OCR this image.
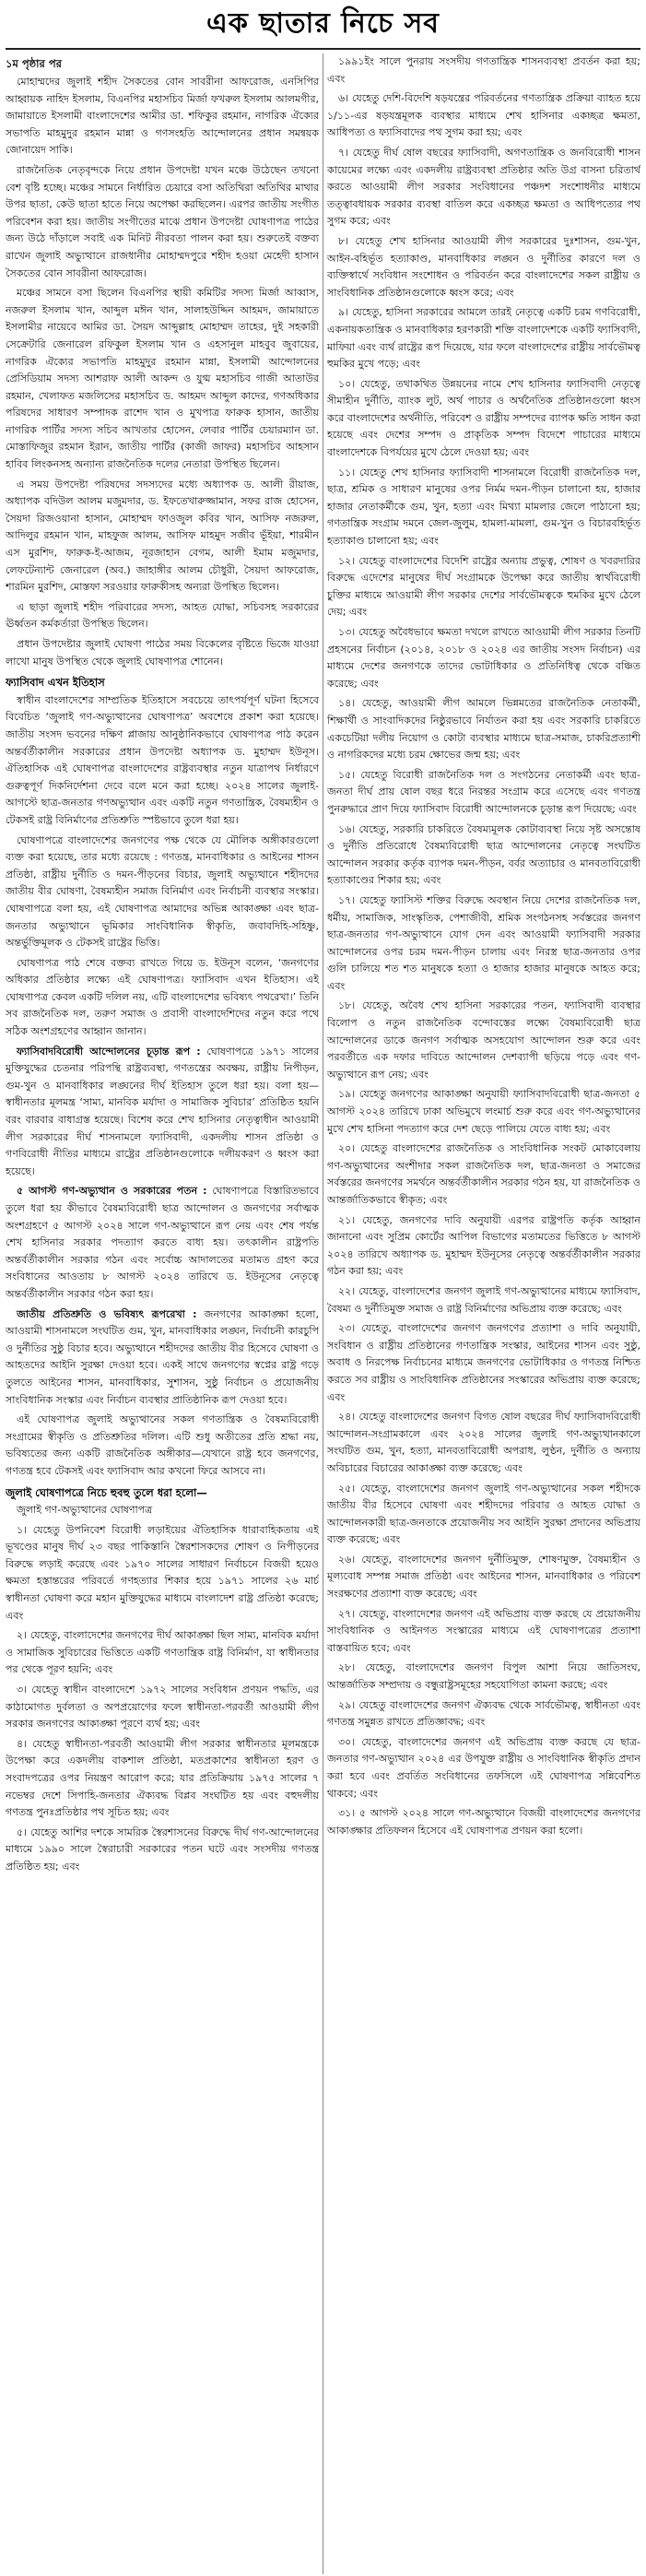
এক ছাতার নিচে সব
১ম পৃষ্ঠার পর

মোহাম্মদের জুলাই শহীদ সৈকতের বোন সাবরীনা আফরোজ, এনসিপির আহ্বায়ক নাহিদ ইসলাম, বিএনপির মহাসচিব মির্জা ফখরুল ইসলাম আলমগীর, জামায়াতে ইসলামী বাংলাদেশের আমীর ডা. শফিকুর রহমান, নাগরিক ঐক্যের সভাপতি মাহমুদুর রহমান মান্না ও গণসংহতি আন্দোলনের প্রধান সমন্বয়ক জোনায়েদ সাকি।

রাজনৈতিক নেতৃবৃন্দকে নিয়ে প্রধান উপদেষ্টা যখন মঞ্চে উঠেছেন তখনো বেশ বৃষ্টি হচ্ছে। মঞ্চের সামনে নির্ধারিত চেয়ারে বসা অতিথিরা অতিথির মাথার উপর ছাতা, কেউ ছাতা হাতে নিয়ে অপেক্ষা করছিলেন। এরপর জাতীয় সংগীত পরিবেশন করা হয়। জাতীয় সংগীতের মাঝে প্রধান উপদেষ্টা ঘোষণাপত্র পাঠের জন্য উঠে দাঁড়ালে সবাই এক মিনিট নীরবতা পালন করা হয়। শুরুতেই বক্তব্য রাখেন জুলাই অভ্যুত্থানে রাজধানীর মোহাম্মদপুরে শহীদ হওয়া মেহেদী হাসান সৈকতের বোন সাবরীনা আফরোজ।

মঞ্চের সামনে বসা ছিলেন বিএনপির স্থায়ী কমিটির সদস্য মির্জা আব্বাস, নজরুল ইসলাম খান, আব্দুল মঈন খান, সালাহউদ্দিন আহমদ, জামায়াতে ইসলামীর নায়েবে আমির ডা. সৈয়দ আব্দুল্লাহ মোহাম্মদ তাহের, দুই সহকারী সেক্রেটারি জেনারেল রফিকুল ইসলাম খান ও এহসানুল মাহবুব জুবায়ের, নাগরিক ঐক্যের সভাপতি মাহমুদুর রহমান মান্না, ইসলামী আন্দোলনের প্রেসিডিয়াম সদস্য আশরাফ আলী আকন্দ ও যুগ্ম মহাসচিব গাজী আতাউর রহমান, খেলাফত মজলিসের মহাসচিব ড. আহমদ আব্দুল কাদের, গণঅধিকার পরিষদের সাধারণ সম্পাদক রাশেদ খান ও মুখপাত্র ফারুক হাসান, জাতীয় নাগরিক পার্টির সদস্য সচিব আখতার হোসেন, লেবার পার্টির চেয়ারম্যান ডা. মোস্তাফিজুর রহমান ইরান, জাতীয় পার্টির (কাজী জাফর) মহাসচিব আহসান হাবিব লিংকনসহ অন্যান্য রাজনৈতিক দলের নেতারা উপস্থিত ছিলেন।

এ সময় উপদেষ্টা পরিষদের সদস্যদের মধ্যে অধ্যাপক ড. আলী রীয়াজ, অধ্যাপক বদিউল আলম মজুমদার, ড. ইফতেখারুজ্জামান, সফর রাজ হোসেন, সৈয়দা রিজওয়ানা হাসান, মোহাম্মদ ফাওজুল কবির খান, আসিফ নজরুল, আদিলুর রহমান খান, মাহফুজ আলম, আসিফ মাহমুদ সজীব ভূঁইয়া, শারমীন এস মুরশিদ, ফারুক-ই-আজম, নূরজাহান বেগম, আলী ইমাম মজুমদার, লেফটেন্যান্ট জেনারেল (অব.) জাহাঙ্গীর আলম চৌধুরী, সৈয়দা আফরোজ, শারমিন মুরশিদ, মোস্তফা সরওয়ার ফারুকীসহ অন্যরা উপস্থিত ছিলেন।

এ ছাড়া জুলাই শহীদ পরিবারের সদস্য, আহত যোদ্ধা, সচিবসহ সরকারের ঊর্ধ্বতন কর্মকর্তারা উপস্থিত ছিলেন।

প্রধান উপদেষ্টার জুলাই ঘোষণা পাঠের সময় বিকেলের বৃষ্টিতে ভিজে যাওয়া লাখো মানুষ উপস্থিত থেকে জুলাই ঘোষণাপত্র শোনেন।

ফ্যাসিবাদ এখন ইতিহাস

স্বাধীন বাংলাদেশের সাম্প্রতিক ইতিহাসে সবচেয়ে তাৎপর্যপূর্ণ ঘটনা হিসেবে বিবেচিত ‘জুলাই গণ-অভ্যুত্থানের ঘোষণাপত্র’ অবশেষে প্রকাশ করা হয়েছে। জাতীয় সংসদ ভবনের দক্ষিণ প্লাজায় আনুষ্ঠানিকভাবে ঘোষণাপত্র পাঠ করেন অন্তর্বর্তীকালীন সরকারের প্রধান উপদেষ্টা অধ্যাপক ড. মুহাম্মদ ইউনূস। ঐতিহাসিক এই ঘোষণাপত্র বাংলাদেশের রাষ্ট্রব্যবস্থার নতুন যাত্রাপথ নির্ধারণে গুরুত্বপূর্ণ দিকনির্দেশনা দেবে বলে মনে করা হচ্ছে। ২০২৪ সালের জুলাই-আগস্টে ছাত্র-জনতার গণঅভ্যুত্থান এবং একটি নতুন গণতান্ত্রিক, বৈষম্যহীন ও টেকসই রাষ্ট্র বিনির্মাণের প্রতিশ্রুতি স্পষ্টভাবে তুলে ধরা হয়।

ঘোষণাপত্রে বাংলাদেশের জনগণের পক্ষ থেকে যে মৌলিক অঙ্গীকারগুলো ব্যক্ত করা হয়েছে, তার মধ্যে রয়েছে : গণতন্ত্র, মানবাধিকার ও আইনের শাসন প্রতিষ্ঠা, রাষ্ট্রীয় দুর্নীতি ও দমন-পীড়নের বিচার, জুলাই অভ্যুত্থানে শহীদদের জাতীয় বীর ঘোষণা, বৈষম্যহীন সমাজ বিনির্মাণ এবং নির্বাচনী ব্যবস্থার সংস্কার। ঘোষণাপত্রে বলা হয়, এই ঘোষণাপত্র আমাদের অভিন্ন আকাঙ্ক্ষা এবং ছাত্র-জনতার অভ্যুত্থানে ভূমিকার সাংবিধানিক স্বীকৃতি, জবাবদিহি-সহিষ্ণু, অন্তর্ভুক্তিমূলক ও টেকসই রাষ্ট্রের ভিত্তি।

ঘোষণাপত্র পাঠ শেষে বক্তব্য রাখতে গিয়ে ড. ইউনূস বলেন, ‘জনগণের অধিকার প্রতিষ্ঠার লক্ষ্যে এই ঘোষণাপত্র। ফ্যাসিবাদ এখন ইতিহাস। এই ঘোষণাপত্র কেবল একটি দলিল নয়, এটি বাংলাদেশের ভবিষ্যৎ পথরেখা।’ তিনি সব রাজনৈতিক দল, তরুণ সমাজ ও প্রবাসী বাংলাদেশিদের নতুন করে পথে সঠিক অংশগ্রহণের আহ্বান জানান।

ফ্যাসিবাদবিরোধী আন্দোলনের চূড়ান্ত রূপ : ঘোষণাপত্রে ১৯৭১ সালের মুক্তিযুদ্ধের চেতনার পরিপন্থি রাষ্ট্রব্যবস্থা, গণতন্ত্রের অবক্ষয়, রাষ্ট্রীয় নিপীড়ন, গুম-খুন ও মানবাধিকার লঙ্ঘনের দীর্ঘ ইতিহাস তুলে ধরা হয়। বলা হয়—স্বাধীনতার মূলমন্ত্র ‘সাম্য, মানবিক মর্যাদা ও সামাজিক সুবিচার’ প্রতিষ্ঠিত হয়নি বরং বারবার বাধাগ্রস্ত হয়েছে। বিশেষ করে শেখ হাসিনার নেতৃত্বাধীন আওয়ামী লীগ সরকারের দীর্ঘ শাসনামলে ফ্যাসিবাদী, একদলীয় শাসন প্রতিষ্ঠা ও গণবিরোধী নীতির মাধ্যমে রাষ্ট্রের প্রতিষ্ঠানগুলোকে দলীয়করণ ও ধ্বংস করা হয়েছে।

৫ আগস্ট গণ-অভ্যুত্থান ও সরকারের পতন : ঘোষণাপত্রে বিস্তারিতভাবে তুলে ধরা হয় কীভাবে বৈষম্যবিরোধী ছাত্র আন্দোলন ও জনগণের সর্বাত্মক অংশগ্রহণে ৫ আগস্ট ২০২৪ সালে গণ-অভ্যুত্থানে রূপ নেয় এবং শেষ পর্যন্ত শেখ হাসিনার সরকার পদত্যাগ করতে বাধ্য হয়। তৎকালীন রাষ্ট্রপতি অন্তর্বর্তীকালীন সরকার গঠন এবং সর্বোচ্চ আদালতের মতামত গ্রহণ করে সংবিধানের আওতায় ৮ আগস্ট ২০২৪ তারিখে ড. ইউনূসের নেতৃত্বে অন্তর্বর্তীকালীন সরকার গঠন করা হয়।

জাতীয় প্রতিশ্রুতি ও ভবিষ্যৎ রূপরেখা : জনগণের আকাঙ্ক্ষা হলো, আওয়ামী শাসনামলে সংঘটিত গুম, খুন, মানবাধিকার লঙ্ঘন, নির্বাচনী কারচুপি ও দুর্নীতির সুষ্ঠু বিচার হবে। অভ্যুত্থানে শহীদদের জাতীয় বীর হিসেবে ঘোষণা ও আহতদের আইনি সুরক্ষা দেওয়া হবে। একই সাথে জনগণের স্বপ্নের রাষ্ট্র গড়ে তুলতে আইনের শাসন, মানবাধিকার, সুশাসন, সুষ্ঠু নির্বাচন ও প্রয়োজনীয় সাংবিধানিক সংস্কার এবং নির্বাচন ব্যবস্থার প্রাতিষ্ঠানিক রূপ দেওয়া হবে।

এই ঘোষণাপত্র জুলাই অভ্যুত্থানের সকল গণতান্ত্রিক ও বৈষম্যবিরোধী সংগ্রামের স্বীকৃতি ও প্রতিশ্রুতির দলিল। এটি শুধু অতীতের প্রতি শ্রদ্ধা নয়, ভবিষ্যতের জন্য একটি রাজনৈতিক অঙ্গীকার—যেখানে রাষ্ট্র হবে জনগণের, গণতন্ত্র হবে টেকসই এবং ফ্যাসিবাদ আর কখনো ফিরে আসবে না।

জুলাই ঘোষণাপত্রে নিচে হুবহু তুলে ধরা হলো—

জুলাই গণ-অভ্যুত্থানের ঘোষণাপত্র

১। যেহেতু উপনিবেশ বিরোধী লড়াইয়ের ঐতিহাসিক ধারাবাহিকতায় এই ভূখণ্ডের মানুষ দীর্ঘ ২৩ বছর পাকিস্তানি স্বৈরশাসকদের শোষণ ও নিপীড়নের বিরুদ্ধে লড়াই করেছে এবং ১৯৭০ সালের সাধারণ নির্বাচনে বিজয়ী হয়েও ক্ষমতা হস্তান্তরের পরিবর্তে গণহত্যার শিকার হয়ে ১৯৭১ সালের ২৬ মার্চ স্বাধীনতা ঘোষণা করে মহান মুক্তিযুদ্ধের মাধ্যমে বাংলাদেশ রাষ্ট্র প্রতিষ্ঠা করেছে; এবং

২। যেহেতু, বাংলাদেশের জনগণের দীর্ঘ আকাঙ্ক্ষা ছিল সাম্য, মানবিক মর্যাদা ও সামাজিক সুবিচারের ভিত্তিতে একটি গণতান্ত্রিক রাষ্ট্র বিনির্মাণ, যা স্বাধীনতার পর থেকে পূরণ হয়নি; এবং

৩। যেহেতু স্বাধীন বাংলাদেশে ১৯৭২ সালের সংবিধান প্রণয়ন পদ্ধতি, এর কাঠামোগত দুর্বলতা ও অপপ্রয়োগের ফলে স্বাধীনতা-পরবর্তী আওয়ামী লীগ সরকার জনগণের আকাঙ্ক্ষা পূরণে ব্যর্থ হয়; এবং

৪। যেহেতু স্বাধীনতা-পরবর্তী আওয়ামী লীগ সরকার স্বাধীনতার মূলমন্ত্রকে উপেক্ষা করে একদলীয় বাকশাল প্রতিষ্ঠা, মতপ্রকাশের স্বাধীনতা হরণ ও সংবাদপত্রের ওপর নিয়ন্ত্রণ আরোপ করে; যার প্রতিক্রিয়ায় ১৯৭৫ সালের ৭ নভেম্বর দেশে সিপাহি-জনতার ঐক্যবদ্ধ বিপ্লব সংঘটিত হয় এবং বহুদলীয় গণতন্ত্র পুনঃপ্রতিষ্ঠার পথ সূচিত হয়; এবং

৫। যেহেতু আশির দশকে সামরিক স্বৈরশাসনের বিরুদ্ধে দীর্ঘ গণ-আন্দোলনের মাধ্যমে ১৯৯০ সালে স্বৈরাচারী সরকারের পতন ঘটে এবং সংসদীয় গণতন্ত্র প্রতিষ্ঠিত হয়; এবং

১৯৯১ইং সালে পুনরায় সংসদীয় গণতান্ত্রিক শাসনব্যবস্থা প্রবর্তন করা হয়; এবং

৬। যেহেতু দেশি-বিদেশি ষড়যন্ত্রের পরিবর্তনের গণতান্ত্রিক প্রক্রিয়া ব্যাহত হয়ে ১/১১-এর ষড়যন্ত্রমূলক ব্যবস্থার মাধ্যমে শেখ হাসিনার একচ্ছত্র ক্ষমতা, আধিপত্য ও ফ্যাসিবাদের পথ সুগম করা হয়; এবং

৭। যেহেতু দীর্ঘ ষোল বছরের ফ্যাসিবাদী, অগণতান্ত্রিক ও জনবিরোধী শাসন কায়েমের লক্ষ্যে এবং একদলীয় রাষ্ট্রব্যবস্থা প্রতিষ্ঠার অতি উগ্র বাসনা চরিতার্থ করতে আওয়ামী লীগ সরকার সংবিধানের পঞ্চদশ সংশোধনীর মাধ্যমে তত্ত্বাবধায়ক সরকার ব্যবস্থা বাতিল করে একচ্ছত্র ক্ষমতা ও আধিপত্যের পথ সুগম করে; এবং

৮। যেহেতু শেখ হাসিনার আওয়ামী লীগ সরকারের দুঃশাসন, গুম-খুন, আইন-বহির্ভূত হত্যাকাণ্ড, মানবাধিকার লঙ্ঘন ও দুর্নীতির কারণে দল ও ব্যক্তিস্বার্থে সংবিধান সংশোধন ও পরিবর্তন করে বাংলাদেশের সকল রাষ্ট্রীয় ও সাংবিধানিক প্রতিষ্ঠানগুলোকে ধ্বংস করে; এবং

৯। যেহেতু, হাসিনা সরকারের আমলে তারই নেতৃত্বে একটি চরম গণবিরোধী, একনায়কতান্ত্রিক ও মানবাধিকার হরণকারী শক্তি বাংলাদেশকে একটি ফ্যাসিবাদী, মাফিয়া এবং ব্যর্থ রাষ্ট্রের রূপ দিয়েছে, যার ফলে বাংলাদেশের রাষ্ট্রীয় সার্বভৌমত্ব হুমকির মুখে পড়ে; এবং

১০। যেহেতু, তথাকথিত উন্নয়নের নামে শেখ হাসিনার ফ্যাসিবাদী নেতৃত্বে সীমাহীন দুর্নীতি, ব্যাংক লুট, অর্থ পাচার ও অর্থনৈতিক প্রতিষ্ঠানগুলো ধ্বংস করে বাংলাদেশের অর্থনীতি, পরিবেশ ও রাষ্ট্রীয় সম্পদের ব্যাপক ক্ষতি সাধন করা হয়েছে এবং দেশের সম্পদ ও প্রাকৃতিক সম্পদ বিদেশে পাচারের মাধ্যমে বাংলাদেশকে বিপর্যয়ের মুখে ঠেলে দেওয়া হয়; এবং

১১। যেহেতু শেখ হাসিনার ফ্যাসিবাদী শাসনামলে বিরোধী রাজনৈতিক দল, ছাত্র, শ্রমিক ও সাধারণ মানুষের ওপর নির্মম দমন-পীড়ন চালানো হয়, হাজার হাজার নেতাকর্মীকে গুম, খুন, হত্যা এবং মিথ্যা মামলার জেলে পাঠানো হয়; গণতান্ত্রিক সংগ্রাম দমনে জেল-জুলুম, হামলা-মামলা, গুম-খুন ও বিচারবহির্ভূত হত্যাকাণ্ড চালানো হয়; এবং

১২। যেহেতু বাংলাদেশের বিদেশি রাষ্ট্রের অন্যায় প্রভুত্ব, শোষণ ও খবরদারির বিরুদ্ধে এদেশের মানুষের দীর্ঘ সংগ্রামকে উপেক্ষা করে জাতীয় স্বার্থবিরোধী চুক্তির মাধ্যমে আওয়ামী লীগ সরকার দেশের সার্বভৌমত্বকে হুমকির মুখে ঠেলে দেয়; এবং

১৩। যেহেতু অবৈধভাবে ক্ষমতা দখলে রাখতে আওয়ামী লীগ সরকার তিনটি প্রহসনের নির্বাচন (২০১৪, ২০১৮ ও ২০২৪ এর জাতীয় সংসদ নির্বাচন) এর মাধ্যমে দেশের জনগণকে তাদের ভোটাধিকার ও প্রতিনিধিত্ব থেকে বঞ্চিত করেছে; এবং

১৪। যেহেতু, আওয়ামী লীগ আমলে ভিন্নমতের রাজনৈতিক নেতাকর্মী, শিক্ষার্থী ও সাংবাদিকদের নিষ্ঠুরভাবে নির্যাতন করা হয় এবং সরকারি চাকরিতে একচেটিয়া দলীয় নিয়োগ ও কোটা ব্যবস্থার মাধ্যমে ছাত্র-সমাজ, চাকরিপ্রত্যাশী ও নাগরিকদের মধ্যে চরম ক্ষোভের জন্ম হয়; এবং

১৫। যেহেতু বিরোধী রাজনৈতিক দল ও সংগঠনের নেতাকর্মী এবং ছাত্র-জনতা দীর্ঘ প্রায় ষোল বছর ধরে নিরন্তর সংগ্রাম করে এসেছে এবং গণতন্ত্র পুনরুদ্ধারে প্রাণ দিয়ে ফ্যাসিবাদ বিরোধী আন্দোলনকে চূড়ান্ত রূপ দিয়েছে; এবং

১৬। যেহেতু, সরকারি চাকরিতে বৈষম্যমূলক কোটাব্যবস্থা নিয়ে সৃষ্ট অসন্তোষ ও দুর্নীতি প্রতিরোধে বৈষম্যবিরোধী ছাত্র আন্দোলনের নেতৃত্বে সংঘটিত আন্দোলন সরকার কর্তৃক ব্যাপক দমন-পীড়ন, বর্বর অত্যাচার ও মানবতাবিরোধী হত্যাকাণ্ডের শিকার হয়; এবং

১৭। যেহেতু ফ্যাসিস্ট শক্তির বিরুদ্ধে অবস্থান নিয়ে দেশের রাজনৈতিক দল, ধর্মীয়, সামাজিক, সাংস্কৃতিক, পেশাজীবী, শ্রমিক সংগঠনসহ সর্বস্তরের জনগণ ছাত্র-জনতার গণ-অভ্যুত্থানে যোগ দেন এবং আওয়ামী ফ্যাসিবাদী সরকার আন্দোলনের ওপর চরম দমন-পীড়ন চালায় এবং নিরস্ত্র ছাত্র-জনতার ওপর গুলি চালিয়ে শত শত মানুষকে হত্যা ও হাজার হাজার মানুষকে আহত করে; এবং

১৮। যেহেতু, অবৈধ শেখ হাসিনা সরকারের পতন, ফ্যাসিবাদী ব্যবস্থার বিলোপ ও নতুন রাজনৈতিক বন্দোবস্তের লক্ষ্যে বৈষম্যবিরোধী ছাত্র আন্দোলনের ডাকে জনগণ সর্বাত্মক অসহযোগ আন্দোলন শুরু করে এবং পরবর্তীতে এক দফার দাবিতে আন্দোলন দেশব্যাপী ছড়িয়ে পড়ে এবং গণ-অভ্যুত্থানে রূপ নেয়; এবং

১৯। যেহেতু জনগণের আকাঙ্ক্ষা অনুযায়ী ফ্যাসিবাদবিরোধী ছাত্র-জনতা ৫ আগস্ট ২০২৪ তারিখে ঢাকা অভিমুখে লংমার্চ শুরু করে এবং গণ-অভ্যুত্থানের মুখে শেখ হাসিনা পদত্যাগ করে দেশ ছেড়ে পালিয়ে যেতে বাধ্য হয়; এবং

২০। যেহেতু বাংলাদেশের রাজনৈতিক ও সাংবিধানিক সংকট মোকাবেলায় গণ-অভ্যুত্থানের অংশীদার সকল রাজনৈতিক দল, ছাত্র-জনতা ও সমাজের সর্বস্তরের জনগণের সমর্থনে অন্তর্বর্তীকালীন সরকার গঠন হয়, যা রাজনৈতিক ও আন্তর্জাতিকভাবে স্বীকৃত; এবং

২১। যেহেতু, জনগণের দাবি অনুযায়ী এরপর রাষ্ট্রপতি কর্তৃক আহ্বান জানানো এবং সুপ্রিম কোর্টের আপিল বিভাগের মতামতের ভিত্তিতে ৮ আগস্ট ২০২৪ তারিখে অধ্যাপক ড. মুহাম্মদ ইউনূসের নেতৃত্বে অন্তর্বর্তীকালীন সরকার গঠন করা হয়; এবং

২২। যেহেতু, বাংলাদেশের জনগণ জুলাই গণ-অভ্যুত্থানের মাধ্যমে ফ্যাসিবাদ, বৈষম্য ও দুর্নীতিমুক্ত সমাজ ও রাষ্ট্র বিনির্মাণের অভিপ্রায় ব্যক্ত করেছে; এবং

২৩। যেহেতু, বাংলাদেশের জনগণ জনগণের প্রত্যাশা ও দাবি অনুযায়ী, সংবিধান ও রাষ্ট্রীয় প্রতিষ্ঠানের গণতান্ত্রিক সংস্কার, আইনের শাসন এবং সুষ্ঠু, অবাধ ও নিরপেক্ষ নির্বাচনের মাধ্যমে জনগণের ভোটাধিকার ও গণতন্ত্র নিশ্চিত করতে সব রাষ্ট্রীয় ও সাংবিধানিক প্রতিষ্ঠানের সংস্কারের অভিপ্রায় ব্যক্ত করেছে; এবং

২৪। যেহেতু বাংলাদেশের জনগণ বিগত ষোল বছরের দীর্ঘ ফ্যাসিবাদবিরোধী আন্দোলন-সংগ্রামকালে এবং ২০২৪ সালের জুলাই গণ-অভ্যুত্থানকালে সংঘটিত গুম, খুন, হত্যা, মানবতাবিরোধী অপরাধ, লুণ্ঠন, দুর্নীতি ও অন্যায় অবিচারের বিচারের আকাঙ্ক্ষা ব্যক্ত করেছে; এবং

২৫। যেহেতু, বাংলাদেশের জনগণ জুলাই গণ-অভ্যুত্থানের সকল শহীদকে জাতীয় বীর হিসেবে ঘোষণা এবং শহীদদের পরিবার ও আহত যোদ্ধা ও আন্দোলনকারী ছাত্র-জনতাকে প্রয়োজনীয় সব আইনি সুরক্ষা প্রদানের অভিপ্রায় ব্যক্ত করেছে; এবং

২৬। যেহেতু, বাংলাদেশের জনগণ দুর্নীতিমুক্ত, শোষণমুক্ত, বৈষম্যহীন ও মূল্যবোধ সম্পন্ন সমাজ প্রতিষ্ঠা এবং আইনের শাসন, মানবাধিকার ও পরিবেশ সংরক্ষণের প্রত্যাশা ব্যক্ত করেছে; এবং

২৭। যেহেতু, বাংলাদেশের জনগণ এই অভিপ্রায় ব্যক্ত করছে যে প্রয়োজনীয় সাংবিধানিক ও আইনগত সংস্কারের মাধ্যমে এই ঘোষণাপত্রের প্রত্যাশা বাস্তবায়িত হবে; এবং

২৮। যেহেতু, বাংলাদেশের জনগণ বিপুল আশা নিয়ে জাতিসংঘ, আন্তর্জাতিক সম্প্রদায় ও বন্ধুরাষ্ট্রসমূহের সহযোগিতা কামনা করছে; এবং

২৯। যেহেতু বাংলাদেশের জনগণ ঐক্যবদ্ধ থেকে সার্বভৌমত্ব, স্বাধীনতা এবং গণতন্ত্র সমুন্নত রাখতে প্রতিজ্ঞাবদ্ধ; এবং

৩০। যেহেতু, বাংলাদেশের জনগণ এই অভিপ্রায় ব্যক্ত করছে যে ছাত্র-জনতার গণ-অভ্যুত্থান ২০২৪ এর উপযুক্ত রাষ্ট্রীয় ও সাংবিধানিক স্বীকৃতি প্রদান করা হবে এবং প্রবর্তিত সংবিধানের তফসিলে এই ঘোষণাপত্র সন্নিবেশিত থাকবে; এবং

৩১। ৫ আগস্ট ২০২৪ সালে গণ-অভ্যুত্থানে বিজয়ী বাংলাদেশের জনগণের আকাঙ্ক্ষার প্রতিফলন হিসেবে এই ঘোষণাপত্র প্রণয়ন করা হলো।
